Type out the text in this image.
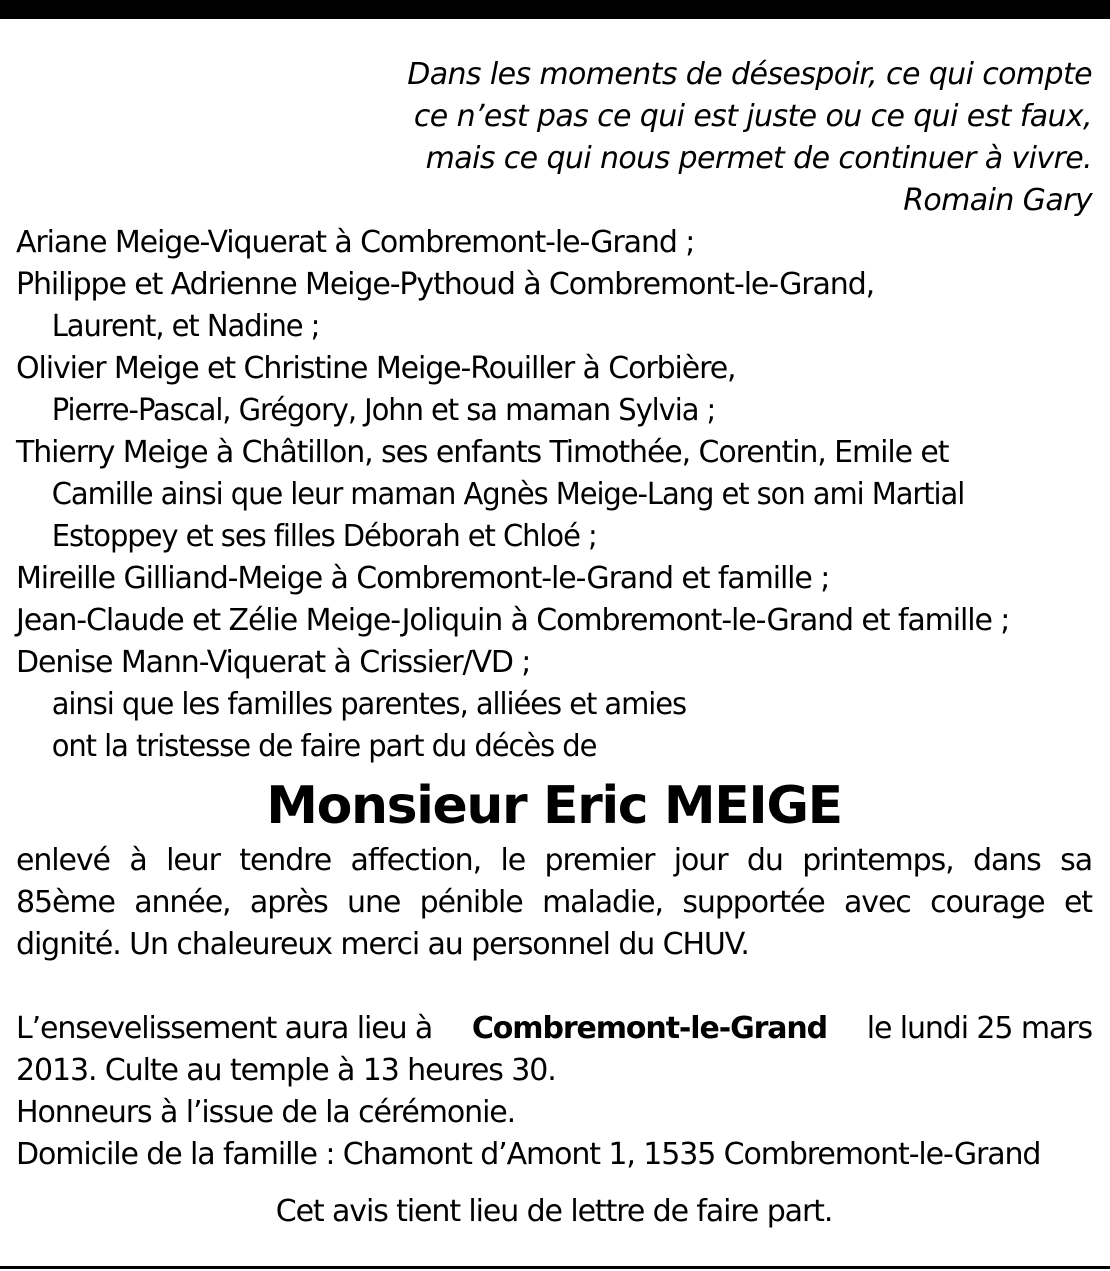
Dans les moments de désespoir, ce qui compte
ce n’est pas ce qui est juste ou ce qui est faux,
mais ce qui nous permet de continuer à vivre.
Romain Gary
Ariane Meige-Viquerat à Combremont-le-Grand ;
Philippe et Adrienne Meige-Pythoud à Combremont-le-Grand,
Laurent, et Nadine ;
Olivier Meige et Christine Meige-Rouiller à Corbière,
Pierre-Pascal, Grégory, John et sa maman Sylvia ;
Thierry Meige à Châtillon, ses enfants Timothée, Corentin, Emile et
Camille ainsi que leur maman Agnès Meige-Lang et son ami Martial
Estoppey et ses filles Déborah et Chloé ;
Mireille Gilliand-Meige à Combremont-le-Grand et famille ;
Jean-Claude et Zélie Meige-Joliquin à Combremont-le-Grand et famille ;
Denise Mann-Viquerat à Crissier/VD ;
ainsi que les familles parentes, alliées et amies
ont la tristesse de faire part du décès de
Monsieur Eric MEIGE
enlevé à leur tendre affection, le premier jour du printemps, dans sa
85ème année, après une pénible maladie, supportée avec courage et
dignité. Un chaleureux merci au personnel du CHUV.
L’ensevelissement aura lieu à Combremont-le-Grand le lundi 25 mars
2013. Culte au temple à 13 heures 30.
Honneurs à l’issue de la cérémonie.
Domicile de la famille : Chamont d’Amont 1, 1535 Combremont-le-Grand
Cet avis tient lieu de lettre de faire part.
